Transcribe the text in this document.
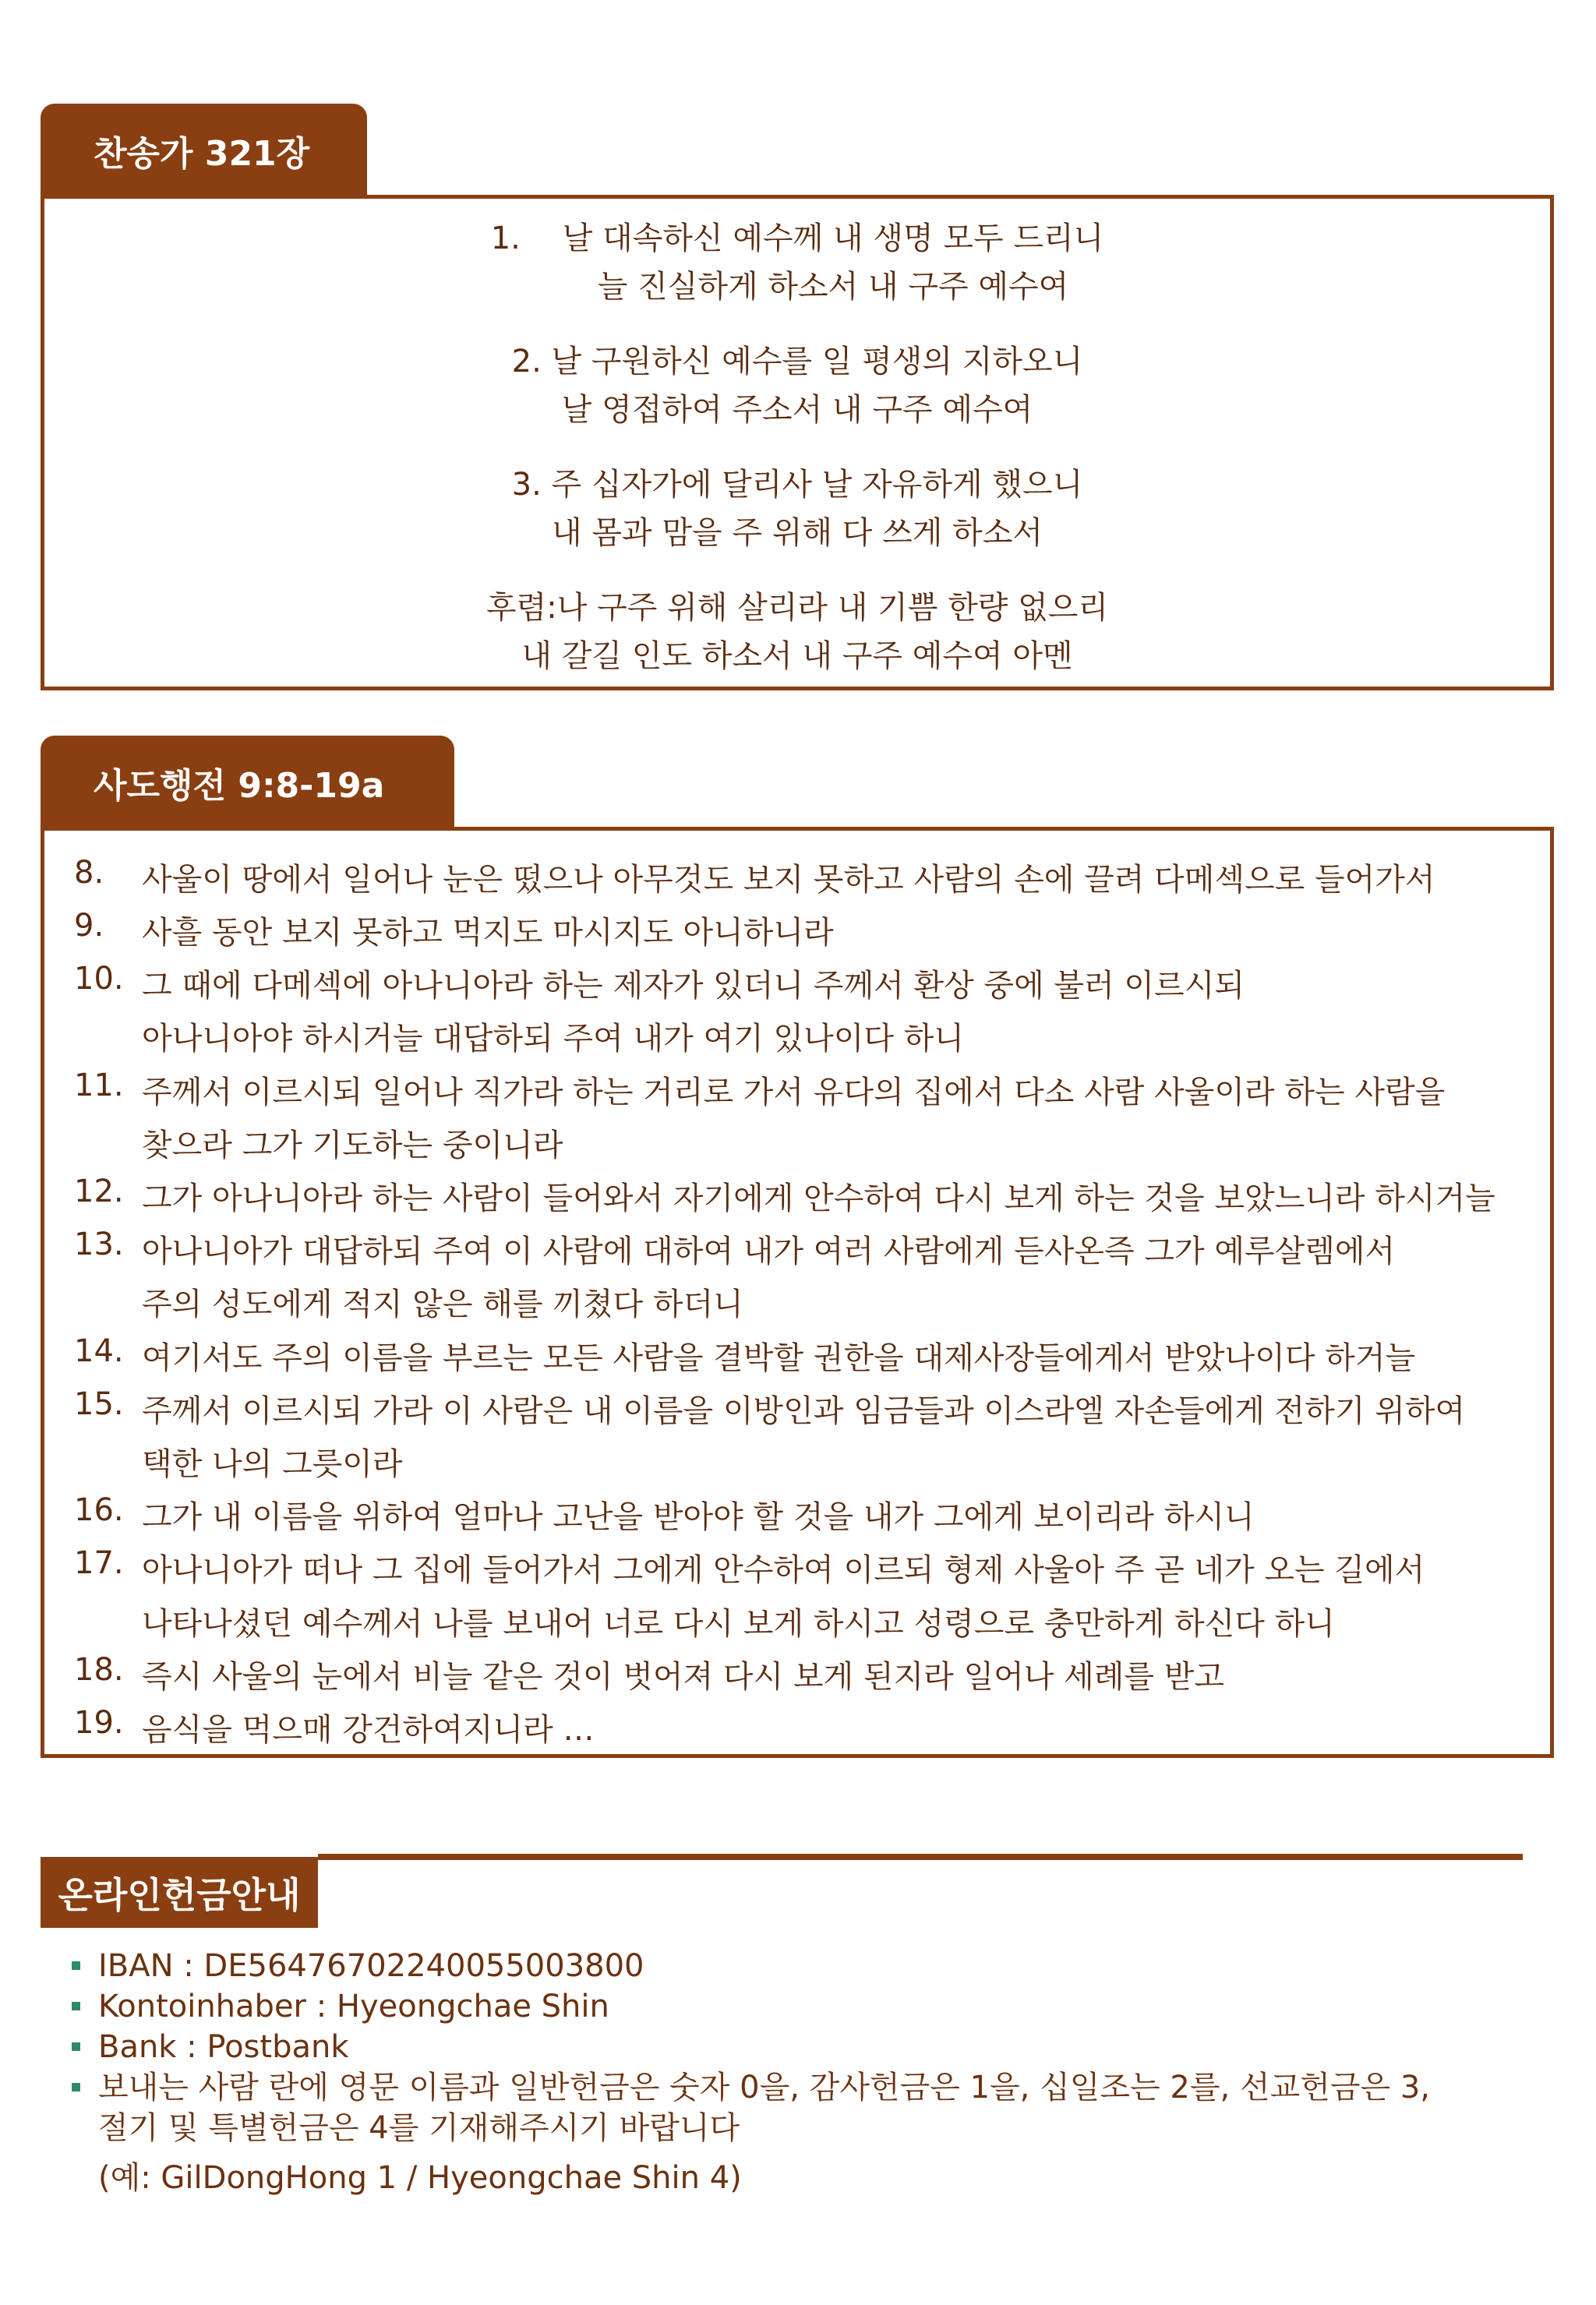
찬송가 321장
1. 날 대속하신 예수께 내 생명 모두 드리니
늘 진실하게 하소서 내 구주 예수여
2. 날 구원하신 예수를 일 평생의 지하오니
날 영접하여 주소서 내 구주 예수여
3. 주 십자가에 달리사 날 자유하게 했으니
내 몸과 맘을 주 위해 다 쓰게 하소서
후렴:나 구주 위해 살리라 내 기쁨 한량 없으리
내 갈길 인도 하소서 내 구주 예수여 아멘
사도행전 9:8-19a
8. 사울이 땅에서 일어나 눈은 떴으나 아무것도 보지 못하고 사람의 손에 끌려 다메섹으로 들어가서
9. 사흘 동안 보지 못하고 먹지도 마시지도 아니하니라
10. 그 때에 다메섹에 아나니아라 하는 제자가 있더니 주께서 환상 중에 불러 이르시되
아나니아야 하시거늘 대답하되 주여 내가 여기 있나이다 하니
11. 주께서 이르시되 일어나 직가라 하는 거리로 가서 유다의 집에서 다소 사람 사울이라 하는 사람을
찾으라 그가 기도하는 중이니라
12. 그가 아나니아라 하는 사람이 들어와서 자기에게 안수하여 다시 보게 하는 것을 보았느니라 하시거늘
13. 아나니아가 대답하되 주여 이 사람에 대하여 내가 여러 사람에게 듣사온즉 그가 예루살렘에서
주의 성도에게 적지 않은 해를 끼쳤다 하더니
14. 여기서도 주의 이름을 부르는 모든 사람을 결박할 권한을 대제사장들에게서 받았나이다 하거늘
15. 주께서 이르시되 가라 이 사람은 내 이름을 이방인과 임금들과 이스라엘 자손들에게 전하기 위하여
택한 나의 그릇이라
16. 그가 내 이름을 위하여 얼마나 고난을 받아야 할 것을 내가 그에게 보이리라 하시니
17. 아나니아가 떠나 그 집에 들어가서 그에게 안수하여 이르되 형제 사울아 주 곧 네가 오는 길에서
나타나셨던 예수께서 나를 보내어 너로 다시 보게 하시고 성령으로 충만하게 하신다 하니
18. 즉시 사울의 눈에서 비늘 같은 것이 벗어져 다시 보게 된지라 일어나 세례를 받고
19. 음식을 먹으매 강건하여지니라 …
온라인헌금안내
IBAN : DE56476702240055003800
Kontoinhaber : Hyeongchae Shin
Bank : Postbank
보내는 사람 란에 영문 이름과 일반헌금은 숫자 0을, 감사헌금은 1을, 십일조는 2를, 선교헌금은 3,
절기 및 특별헌금은 4를 기재해주시기 바랍니다
(예: GilDongHong 1 / Hyeongchae Shin 4)
